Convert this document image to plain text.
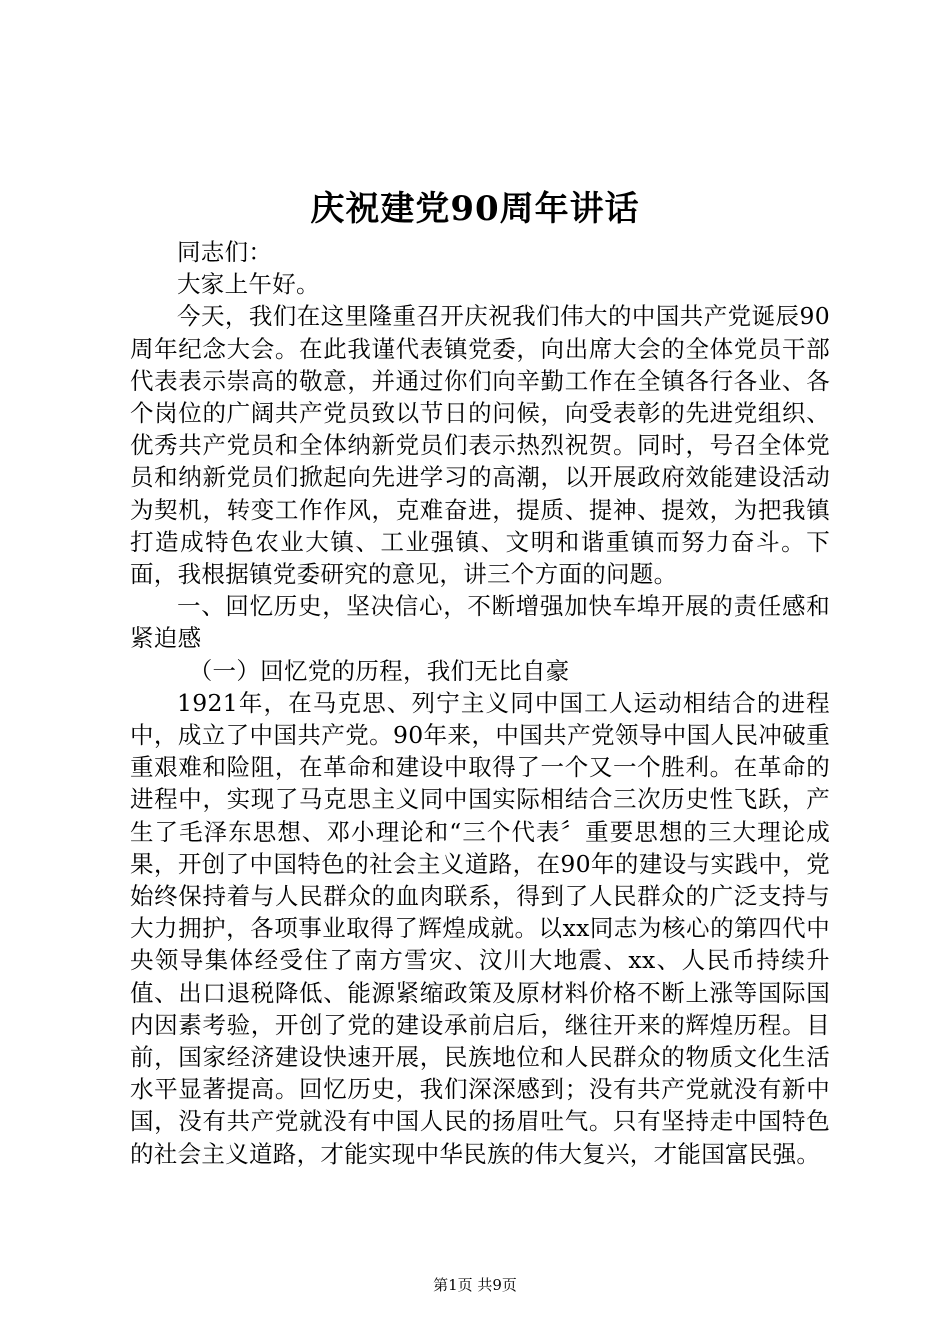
庆祝建党90周年讲话

同志们：

大家上午好。

今天，我们在这里隆重召开庆祝我们伟大的中国共产党诞辰90周年纪念大会。在此我谨代表镇党委，向出席大会的全体党员干部代表表示崇高的敬意，并通过你们向辛勤工作在全镇各行各业、各个岗位的广阔共产党员致以节日的问候，向受表彰的先进党组织、优秀共产党员和全体纳新党员们表示热烈祝贺。同时，号召全体党员和纳新党员们掀起向先进学习的高潮，以开展政府效能建设活动为契机，转变工作作风，克难奋进，提质、提神、提效，为把我镇打造成特色农业大镇、工业强镇、文明和谐重镇而努力奋斗。下面，我根据镇党委研究的意见，讲三个方面的问题。

一、回忆历史，坚决信心，不断增强加快车埠开展的责任感和紧迫感

（一）回忆党的历程，我们无比自豪

1921年，在马克思、列宁主义同中国工人运动相结合的进程中，成立了中国共产党。90年来，中国共产党领导中国人民冲破重重艰难和险阻，在革命和建设中取得了一个又一个胜利。在革命的进程中，实现了马克思主义同中国实际相结合三次历史性飞跃，产生了毛泽东思想、邓小理论和“三个代表〞重要思想的三大理论成果，开创了中国特色的社会主义道路，在90年的建设与实践中，党始终保持着与人民群众的血肉联系，得到了人民群众的广泛支持与大力拥护，各项事业取得了辉煌成就。以xx同志为核心的第四代中央领导集体经受住了南方雪灾、汶川大地震、xx、人民币持续升值、出口退税降低、能源紧缩政策及原材料价格不断上涨等国际国内因素考验，开创了党的建设承前启后，继往开来的辉煌历程。目前，国家经济建设快速开展，民族地位和人民群众的物质文化生活水平显著提高。回忆历史，我们深深感到；没有共产党就没有新中国，没有共产党就没有中国人民的扬眉吐气。只有坚持走中国特色的社会主义道路，才能实现中华民族的伟大复兴，才能国富民强。

第1页 共9页
